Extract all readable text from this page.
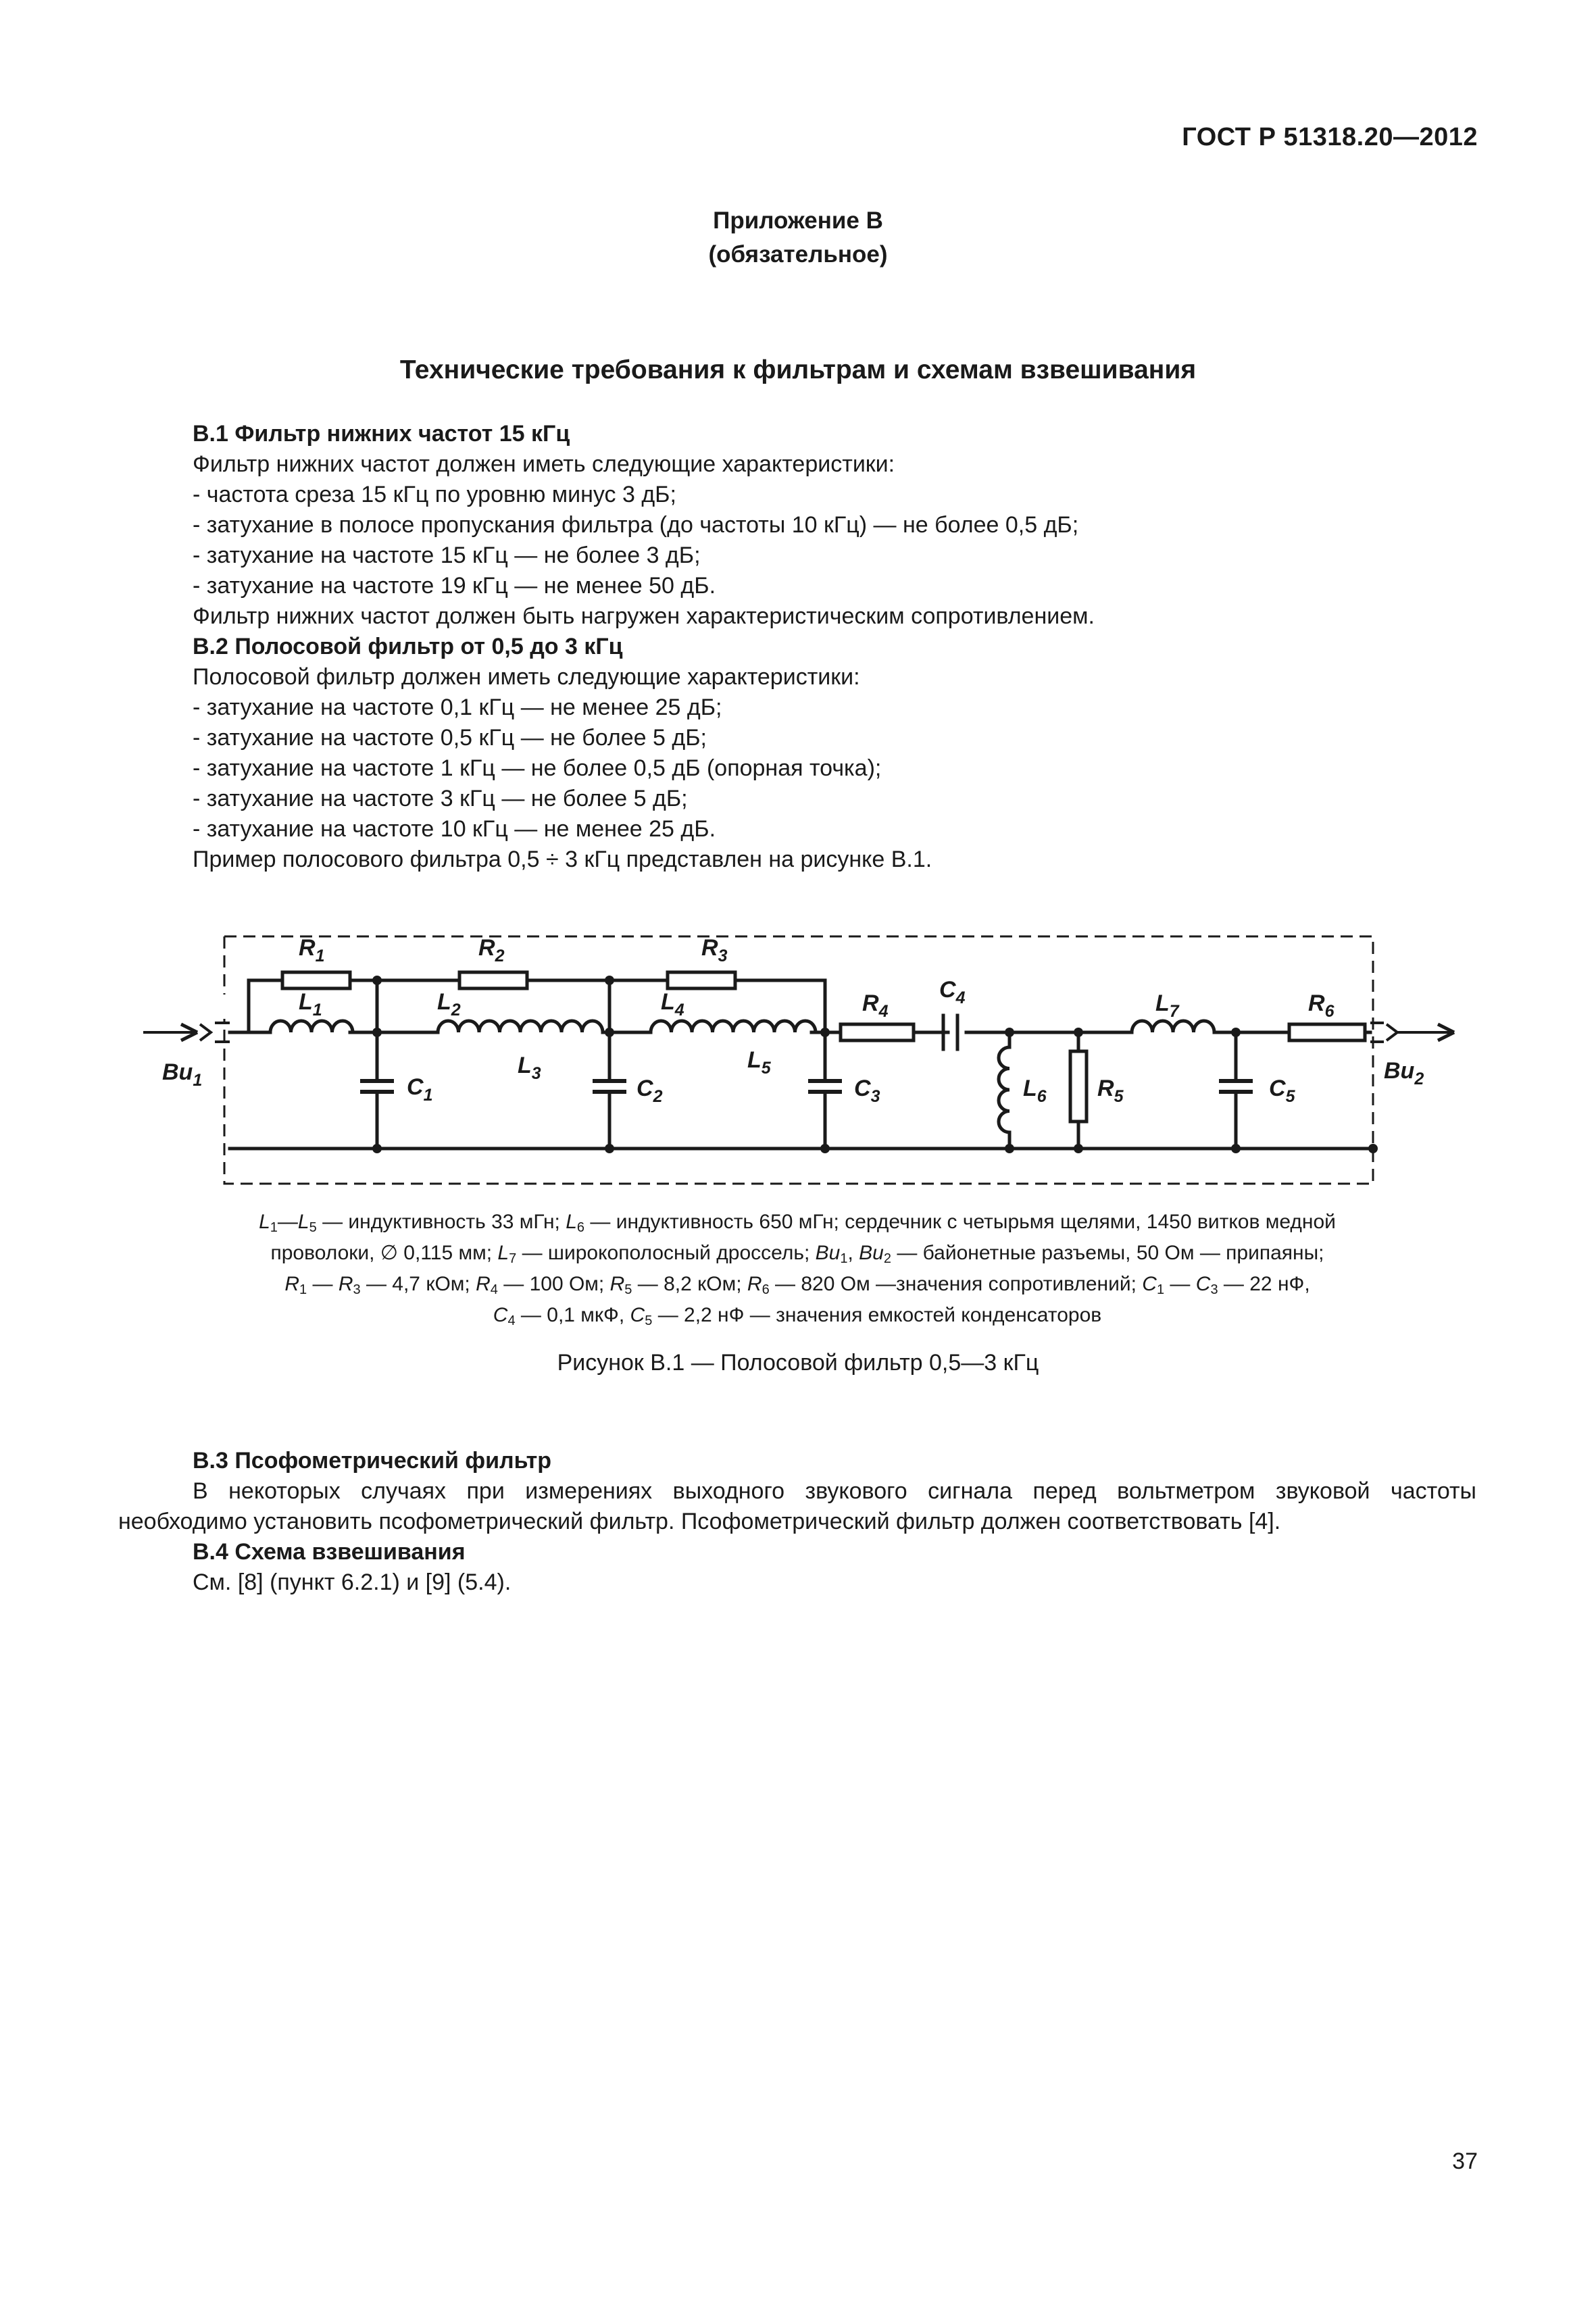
ГОСТ Р 51318.20—2012
Приложение В
(обязательное)
Технические требования к фильтрам и схемам взвешивания
В.1 Фильтр нижних частот 15 кГц
Фильтр нижних частот должен иметь следующие характеристики:
- частота среза 15 кГц по уровню минус 3 дБ;
- затухание в полосе пропускания фильтра (до частоты 10 кГц) — не более 0,5 дБ;
- затухание на частоте 15 кГц — не более 3 дБ;
- затухание на частоте 19 кГц — не менее 50 дБ.
Фильтр нижних частот должен быть нагружен характеристическим сопротивлением.
В.2 Полосовой фильтр от 0,5 до 3 кГц
Полосовой фильтр должен иметь следующие характеристики:
- затухание на частоте 0,1 кГц — не менее 25 дБ;
- затухание на частоте 0,5 кГц — не более 5 дБ;
- затухание на частоте 1 кГц — не более 0,5 дБ (опорная точка);
- затухание на частоте 3 кГц — не более 5 дБ;
- затухание на частоте 10 кГц — не менее 25 дБ.
Пример полосового фильтра 0,5 ÷ 3 кГц представлен на рисунке В.1.
$R_1$	$R_2$	$R_3$
$L_1$	$L_2$
$L_3$
$L_4$
$L_5$
$R_4$
$C_4$	$L_7$	$R_6$
$C_1$	$C_2$	$C_3$	$L_6$ $R_5$	$C_5$
$Bu_1$	$Bu_2$
$L_1—L_5$ — индуктивность 33 мГн; $L_6$ — индуктивность 650 мГн; сердечник с четырьмя щелями, 1450 витков медной
проволоки, ∅ 0,115 мм; $L_7$ — широкополосный дроссель; $Bu_1$, $Bu_2$ — байонетные разъемы, 50 Ом — припаяны;
$R_1$ — $R_3$ — 4,7 кОм; $R_4$ — 100 Ом; $R_5$ — 8,2 кОм; $R_6$ — 820 Ом —значения сопротивлений; $C_1$ — $C_3$ — 22 нФ,
$C_4$ — 0,1 мкФ, $C_5$ — 2,2 нФ — значения емкостей конденсаторов
Рисунок В.1 — Полосовой фильтр 0,5—3 кГц
В.3 Псофометрический фильтр
В некоторых случаях при измерениях выходного звукового сигнала перед вольтметром звуковой частоты
необходимо установить псофометрический фильтр. Псофометрический фильтр должен соответствовать [4].
В.4 Схема взвешивания
См. [8] (пункт 6.2.1) и [9] (5.4).
37
